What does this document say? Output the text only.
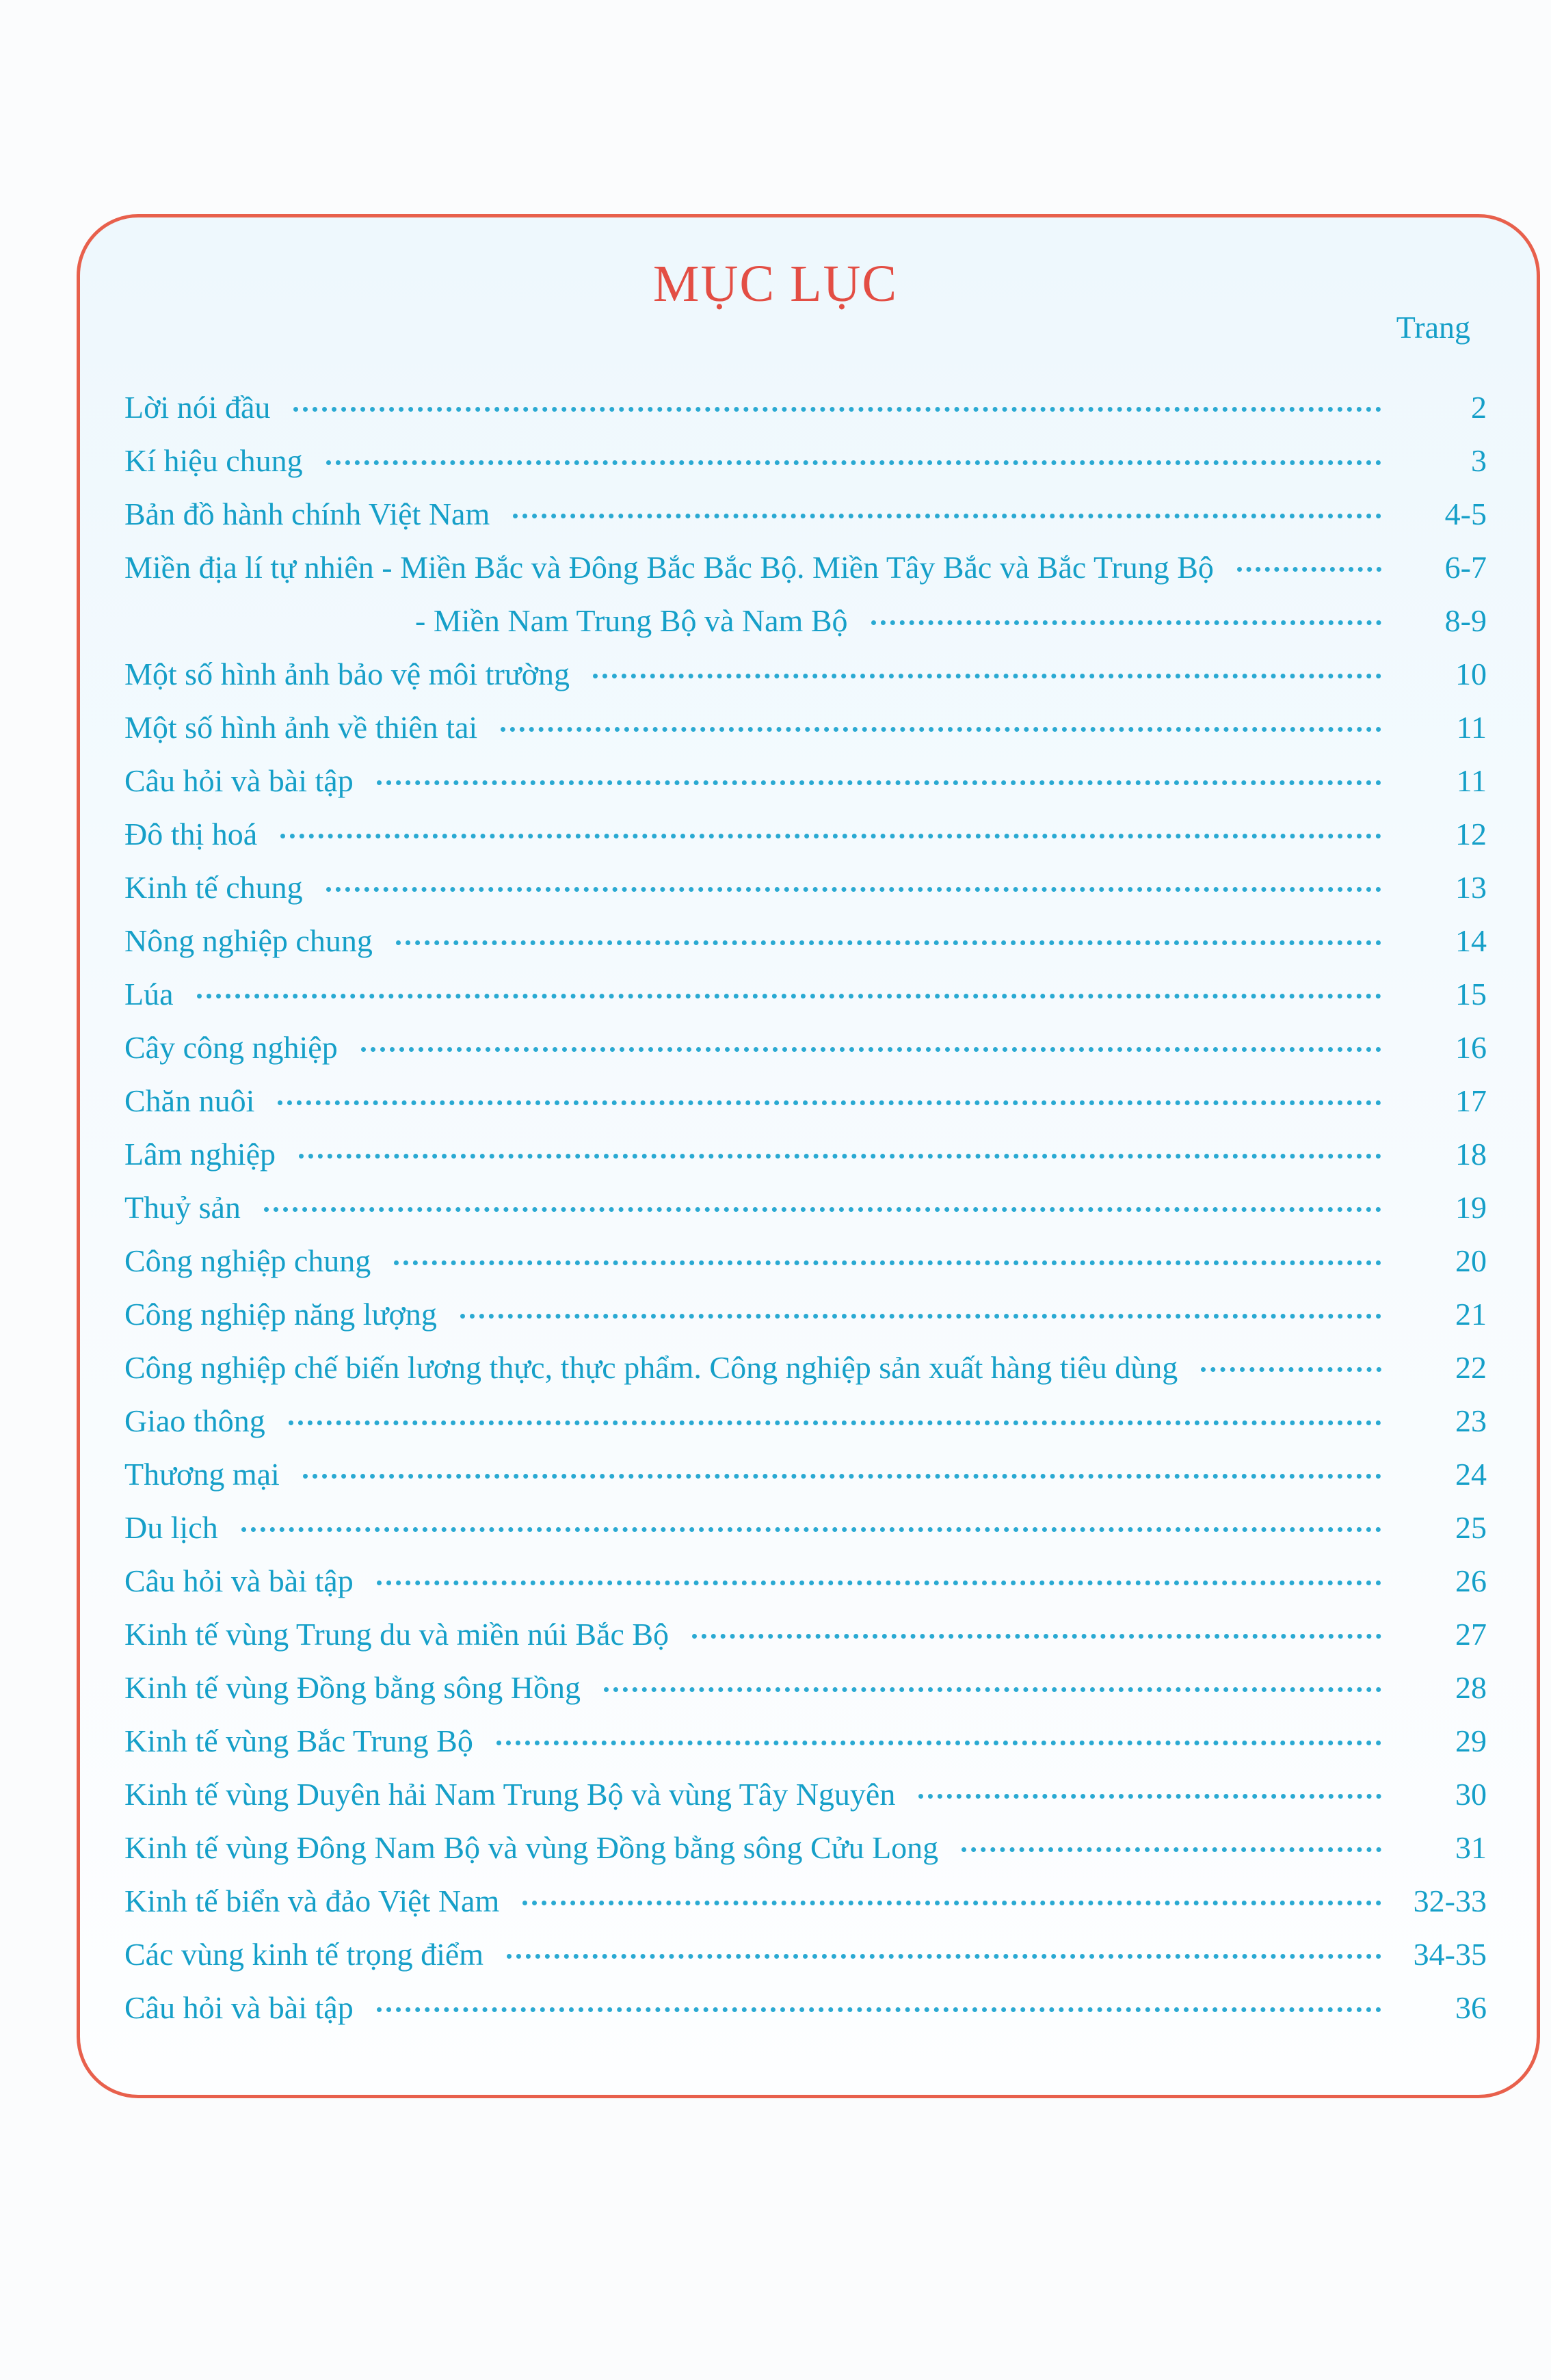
MỤC LỤC
Trang
Lời nói đầu	2
Kí hiệu chung	3
Bản đồ hành chính Việt Nam	4-5
Miền địa lí tự nhiên - Miền Bắc và Đông Bắc Bắc Bộ. Miền Tây Bắc và Bắc Trung Bộ	6-7
- Miền Nam Trung Bộ và Nam Bộ	8-9
Một số hình ảnh bảo vệ môi trường	10
Một số hình ảnh về thiên tai	11
Câu hỏi và bài tập	11
Đô thị hoá	12
Kinh tế chung	13
Nông nghiệp chung	14
Lúa	15
Cây công nghiệp	16
Chăn nuôi	17
Lâm nghiệp	18
Thuỷ sản	19
Công nghiệp chung	20
Công nghiệp năng lượng	21
Công nghiệp chế biến lương thực, thực phẩm. Công nghiệp sản xuất hàng tiêu dùng	22
Giao thông	23
Thương mại	24
Du lịch	25
Câu hỏi và bài tập	26
Kinh tế vùng Trung du và miền núi Bắc Bộ	27
Kinh tế vùng Đồng bằng sông Hồng	28
Kinh tế vùng Bắc Trung Bộ	29
Kinh tế vùng Duyên hải Nam Trung Bộ và vùng Tây Nguyên	30
Kinh tế vùng Đông Nam Bộ và vùng Đồng bằng sông Cửu Long	31
Kinh tế biển và đảo Việt Nam	32-33
Các vùng kinh tế trọng điểm	34-35
Câu hỏi và bài tập	36
